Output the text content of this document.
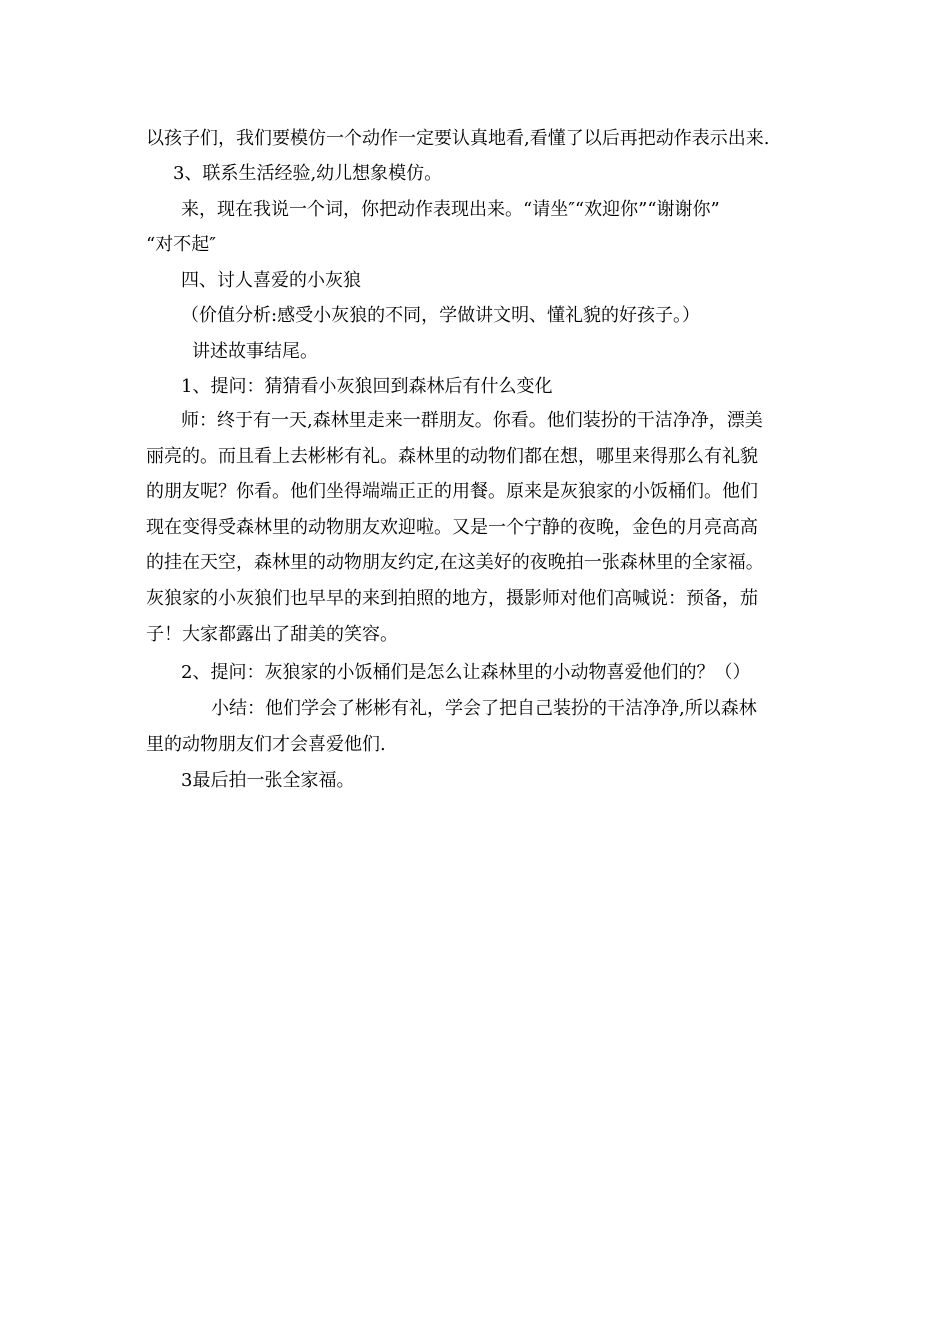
以孩子们，我们要模仿一个动作一定要认真地看,看懂了以后再把动作表示出来.
3、联系生活经验,幼儿想象模仿。
来，现在我说一个词，你把动作表现出来。“请坐″“欢迎你”“谢谢你”
“对不起″
四、讨人喜爱的小灰狼
（价值分析:感受小灰狼的不同，学做讲文明、懂礼貌的好孩子。）
讲述故事结尾。
1、提问：猜猜看小灰狼回到森林后有什么变化
师：终于有一天,森林里走来一群朋友。你看。他们装扮的干洁净净，漂美
丽亮的。而且看上去彬彬有礼。森林里的动物们都在想，哪里来得那么有礼貌
的朋友呢？你看。他们坐得端端正正的用餐。原来是灰狼家的小饭桶们。他们
现在变得受森林里的动物朋友欢迎啦。又是一个宁静的夜晚，金色的月亮高高
的挂在天空，森林里的动物朋友约定,在这美好的夜晚拍一张森林里的全家福。
灰狼家的小灰狼们也早早的来到拍照的地方，摄影师对他们高喊说：预备，茄
子！大家都露出了甜美的笑容。
2、提问：灰狼家的小饭桶们是怎么让森林里的小动物喜爱他们的？（）
小结：他们学会了彬彬有礼，学会了把自己装扮的干洁净净,所以森林
里的动物朋友们才会喜爱他们.
3最后拍一张全家福。
